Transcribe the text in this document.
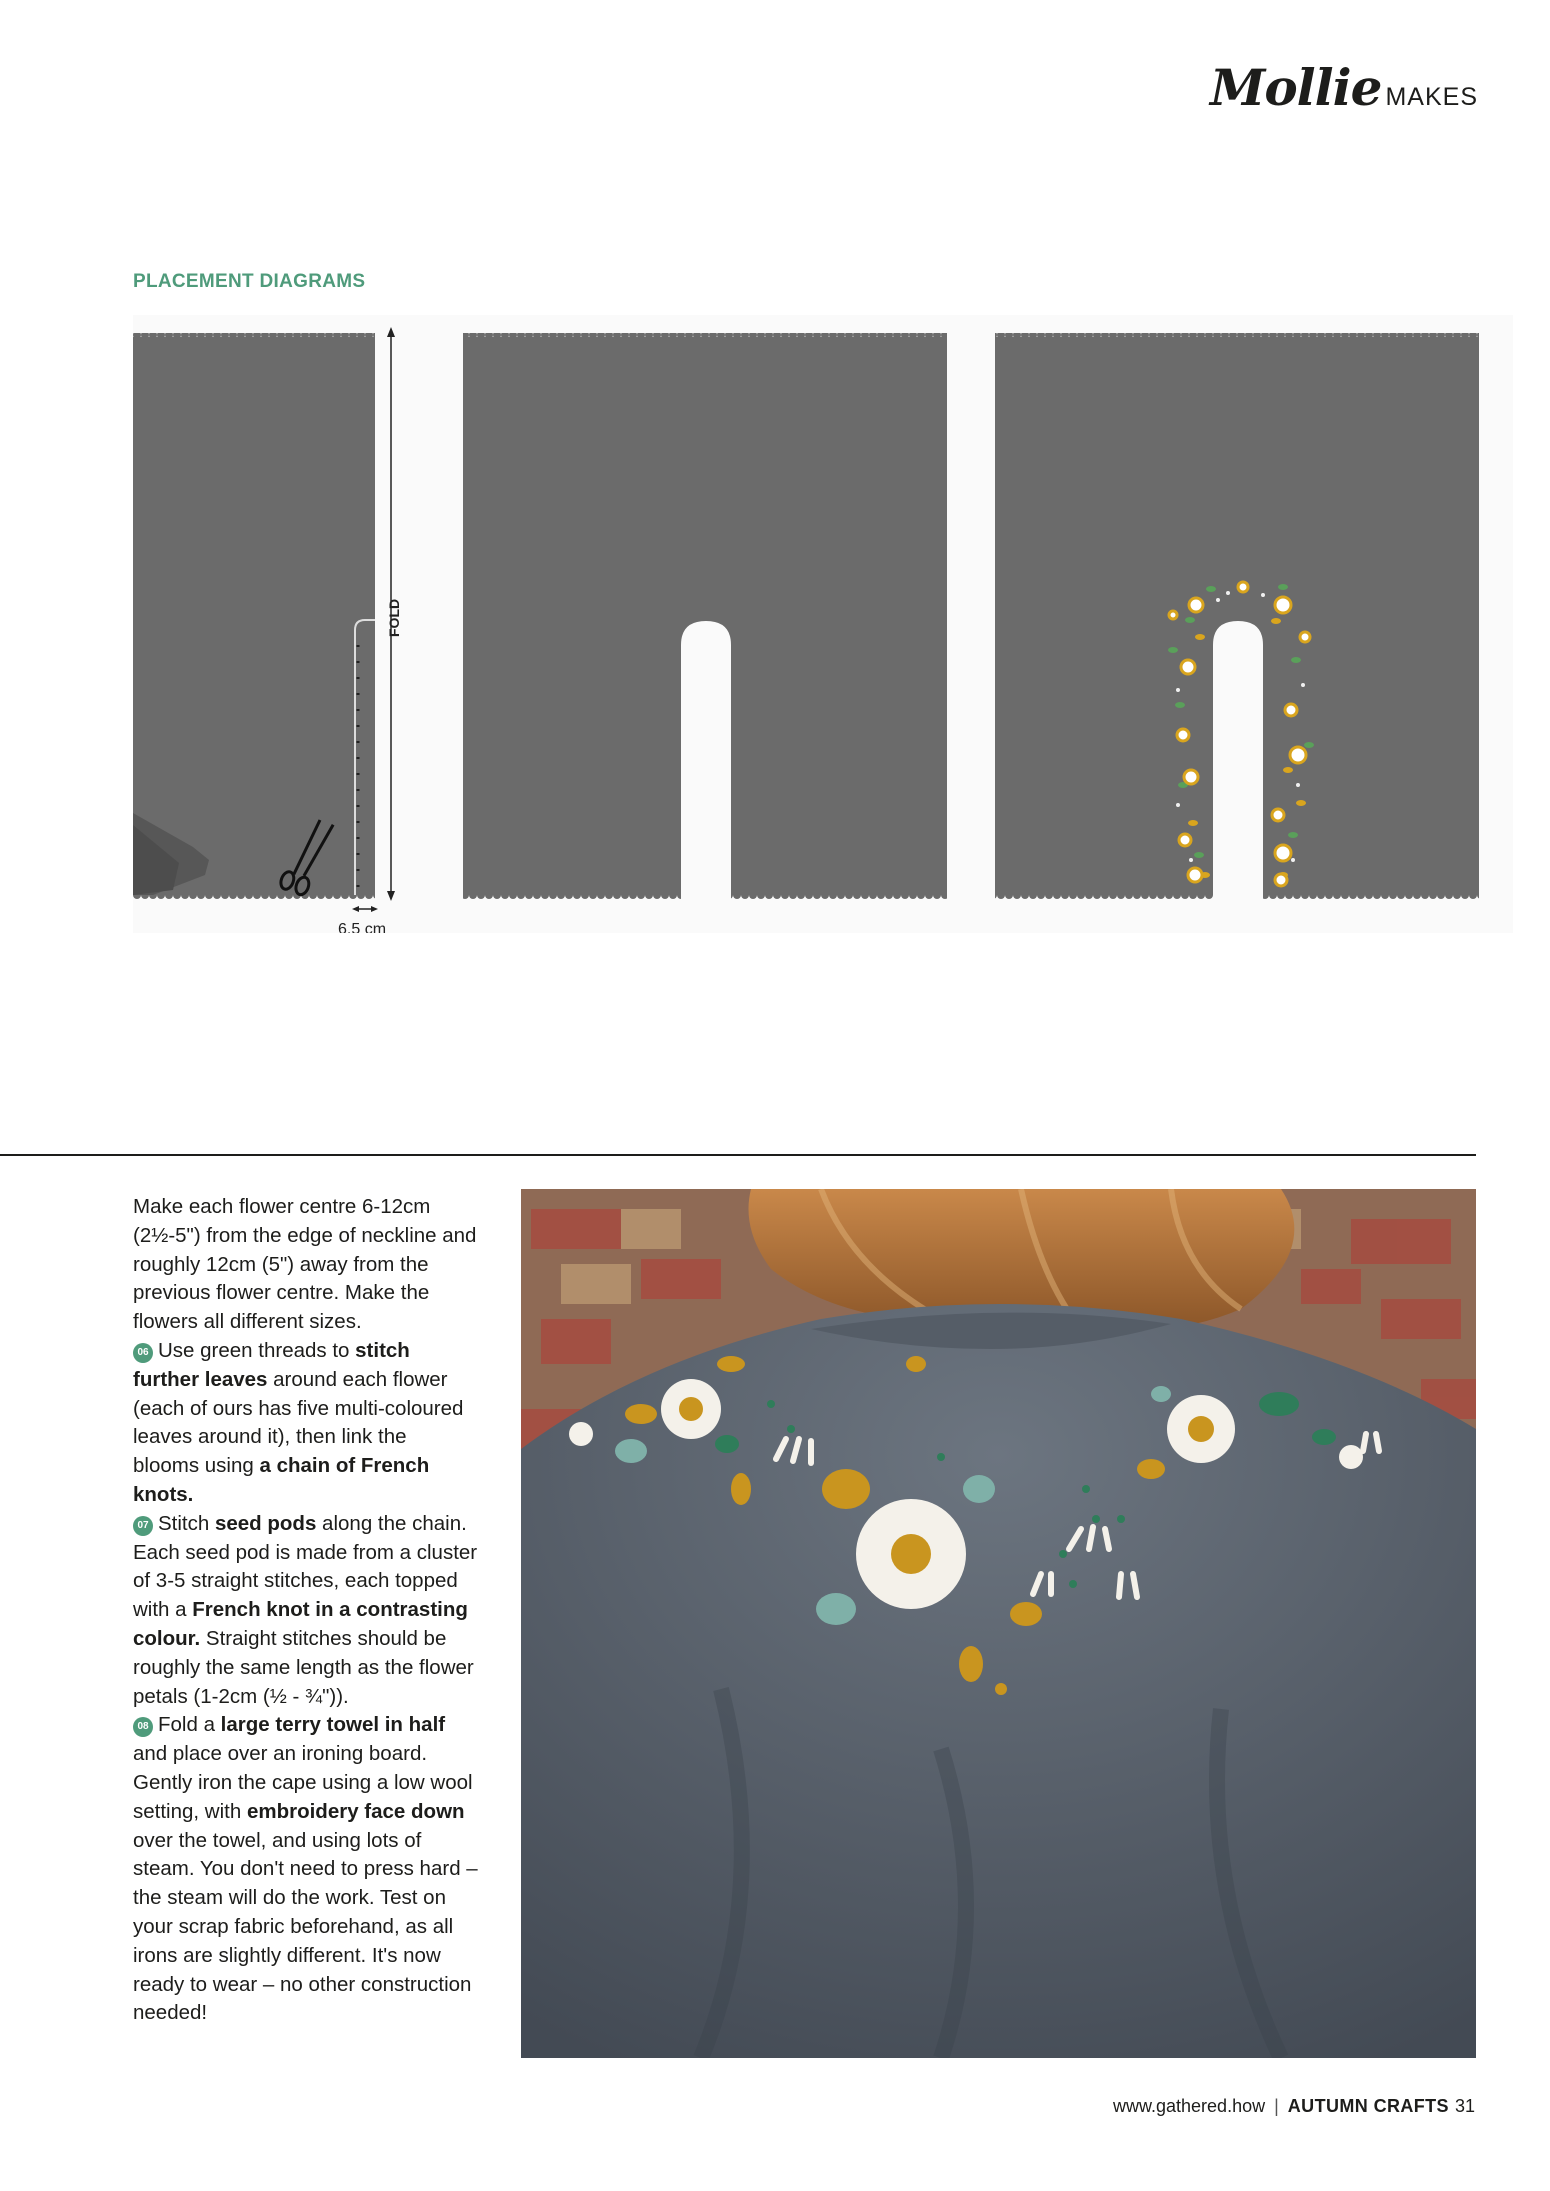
Mollie MAKES
PLACEMENT DIAGRAMS
FOLD
6.5 cm

Make each flower centre 6-12cm (2½-5") from the edge of neckline and roughly 12cm (5") away from the previous flower centre. Make the flowers all different sizes.

06 Use green threads to stitch further leaves around each flower (each of ours has five multi-coloured leaves around it), then link the blooms using a chain of French knots.

07 Stitch seed pods along the chain. Each seed pod is made from a cluster of 3-5 straight stitches, each topped with a French knot in a contrasting colour. Straight stitches should be roughly the same length as the flower petals (1-2cm (½ - ¾")).

08 Fold a large terry towel in half and place over an ironing board. Gently iron the cape using a low wool setting, with embroidery face down over the towel, and using lots of steam. You don't need to press hard – the steam will do the work. Test on your scrap fabric beforehand, as all irons are slightly different. It's now ready to wear – no other construction needed!

www.gathered.how | AUTUMN CRAFTS 31
